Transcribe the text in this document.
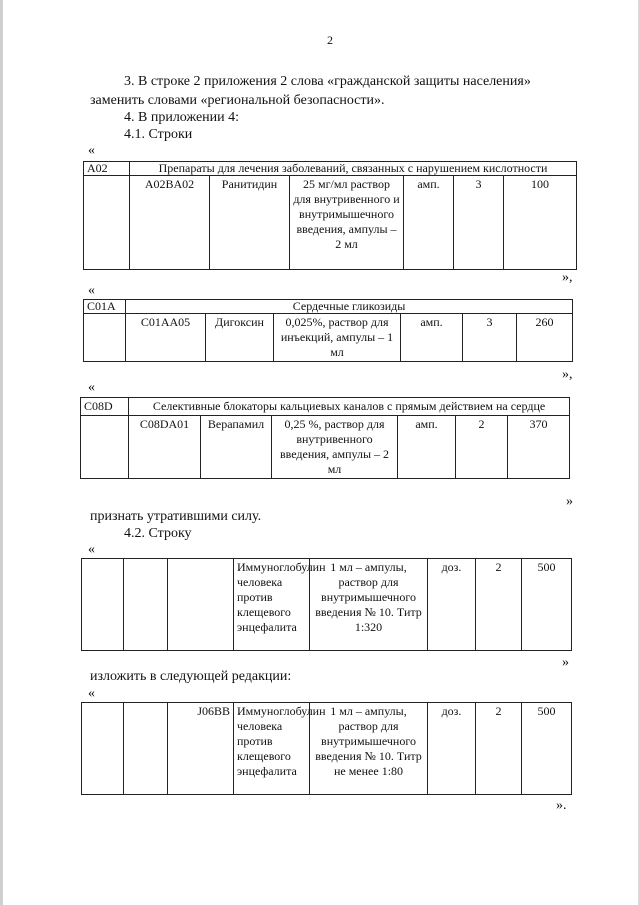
2
3. В строке 2 приложения 2 слова «гражданской защиты населения»
заменить словами «региональной безопасности».
4. В приложении 4:
4.1. Строки
«
А02	Препараты для лечения заболеваний, связанных с нарушением кислотности					
	A02BA02	Ранитидин	25 мг/мл раствор для внутривенного и внутримышечного введения, ампулы – 2 мл	амп.	3	100
»,
«
С01А	Сердечные гликозиды					
	С01АА05	Дигоксин	0,025%, раствор для инъекций, ампулы – 1 мл	амп.	3	260
»,
«
C08D	Селективные блокаторы кальциевых каналов с прямым действием на сердце					
	C08DA01	Верапамил	0,25 %, раствор для внутривенного введения, ампулы – 2 мл	амп.	2	370
»
признать утратившими силу.
4.2. Строку
«
			Иммуноглобулин человека против клещевого энцефалита	1 мл – ампулы, раствор для внутримышечного введения № 10. Титр 1:320	доз.	2	500
»
изложить в следующей редакции:
«
		J06BB	Иммуноглобулин человека против клещевого энцефалита	1 мл – ампулы, раствор для внутримышечного введения № 10. Титр не менее 1:80	доз.	2	500
».
